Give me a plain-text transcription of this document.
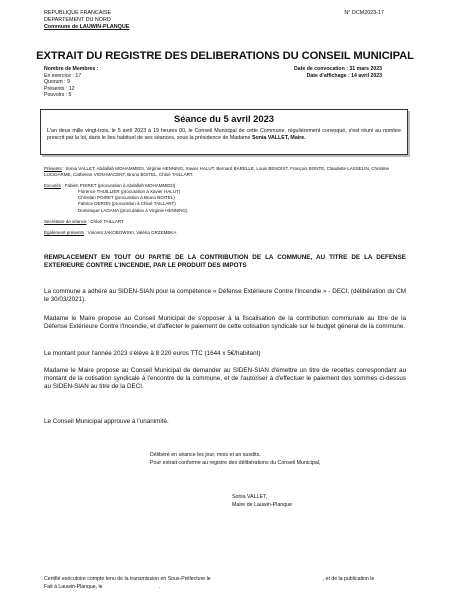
REPUBLIQUE FRANCAISE
DEPARTEMENT DU NORD
Commune de LAUWIN-PLANQUE
N° DCM2023-17
EXTRAIT DU REGISTRE DES DELIBERATIONS DU CONSEIL MUNICIPAL
Nombre de Membres :
En exercice : 17
Quorum : 9
Présents : 12
Pouvoirs : 5
Date de convocation : 31 mars 2023
Date d'affichage : 14 avril 2023
Séance du 5 avril 2023
L'an deux mille vingt-trois, le 5 avril 2023 à 19 heures 00, le Conseil Municipal de cette Commune, régulièrement convoqué, s'est réuni au nombre prescrit par la loi, dans le lieu habituel de ses séances, sous la présidence de Madame Sonia VALLET, Maire.
Présents : Sonia VALLET, Abdallah MOHAMMEDI, Virginie HENNING, Xavier HALUT, Bernard BARELLE, Louis BENOIST, François BONTE, Claudette LASSELIN, Christine LUCIDARME, Catherine VION-MACENT, Bruno BOITEL, Chloé TAILLART.
Excusés : Fabien POIRET (procuration à Abdallah MOHAMMEDI)
Florence THUILLIER (procuration à Xavier HALUT)
Christian POIRET (procuration à Bruno BOITEL)
Fabrice DERON (procuration à Chloé TAILLART)
Dominique LAGANA (procuration à Virginie HENNING)
Secrétaire de séance : Chloé TAILLART
Également présents : Vincent JAKOBOWSKI, Valéria GRZEMBKA
REMPLACEMENT EN TOUT OU PARTIE DE LA CONTRIBUTION DE LA COMMUNE, AU TITRE DE LA DEFENSE EXTERIEURE CONTRE L'INCENDIE, PAR LE PRODUIT DES IMPOTS
La commune a adhéré au SIDEN-SIAN pour la compétence « Défense Extérieure Contre l'Incendie » - DECI, (délibération du CM le 30/03/2021).
Madame le Maire propose au Conseil Municipal de s'opposer à la fiscalisation de la contribution communale au titre de la Défense Extérieure Contre l'Incendie, et d'affecter le paiement de cette cotisation syndicale sur le budget général de la commune.
Le montant pour l'année 2023 s'élève à 8 220 euros TTC (1644 x 5€/habitant)
Madame le Maire propose au Conseil Municipal de demander au SIDEN-SIAN d'émettre un titre de recettes correspondant au montant de la cotisation syndicale à l'encontre de la commune, et de l'autoriser à d'effectuer le paiement des sommes ci-dessus au SIDEN-SIAN au titre de la DECI.
Le Conseil Municipal approuve à l'unanimité.
Délibéré en séance les jour, mois et an susdits.
Pour extrait conforme au registre des délibérations du Conseil Municipal,
Sonia VALLET,
Maire de Lauwin-Planque
Certifié exécutoire compte tenu de la transmission en Sous-Préfecture le	, et de la publication le
Fait à Lauwin-Planque, le	.
